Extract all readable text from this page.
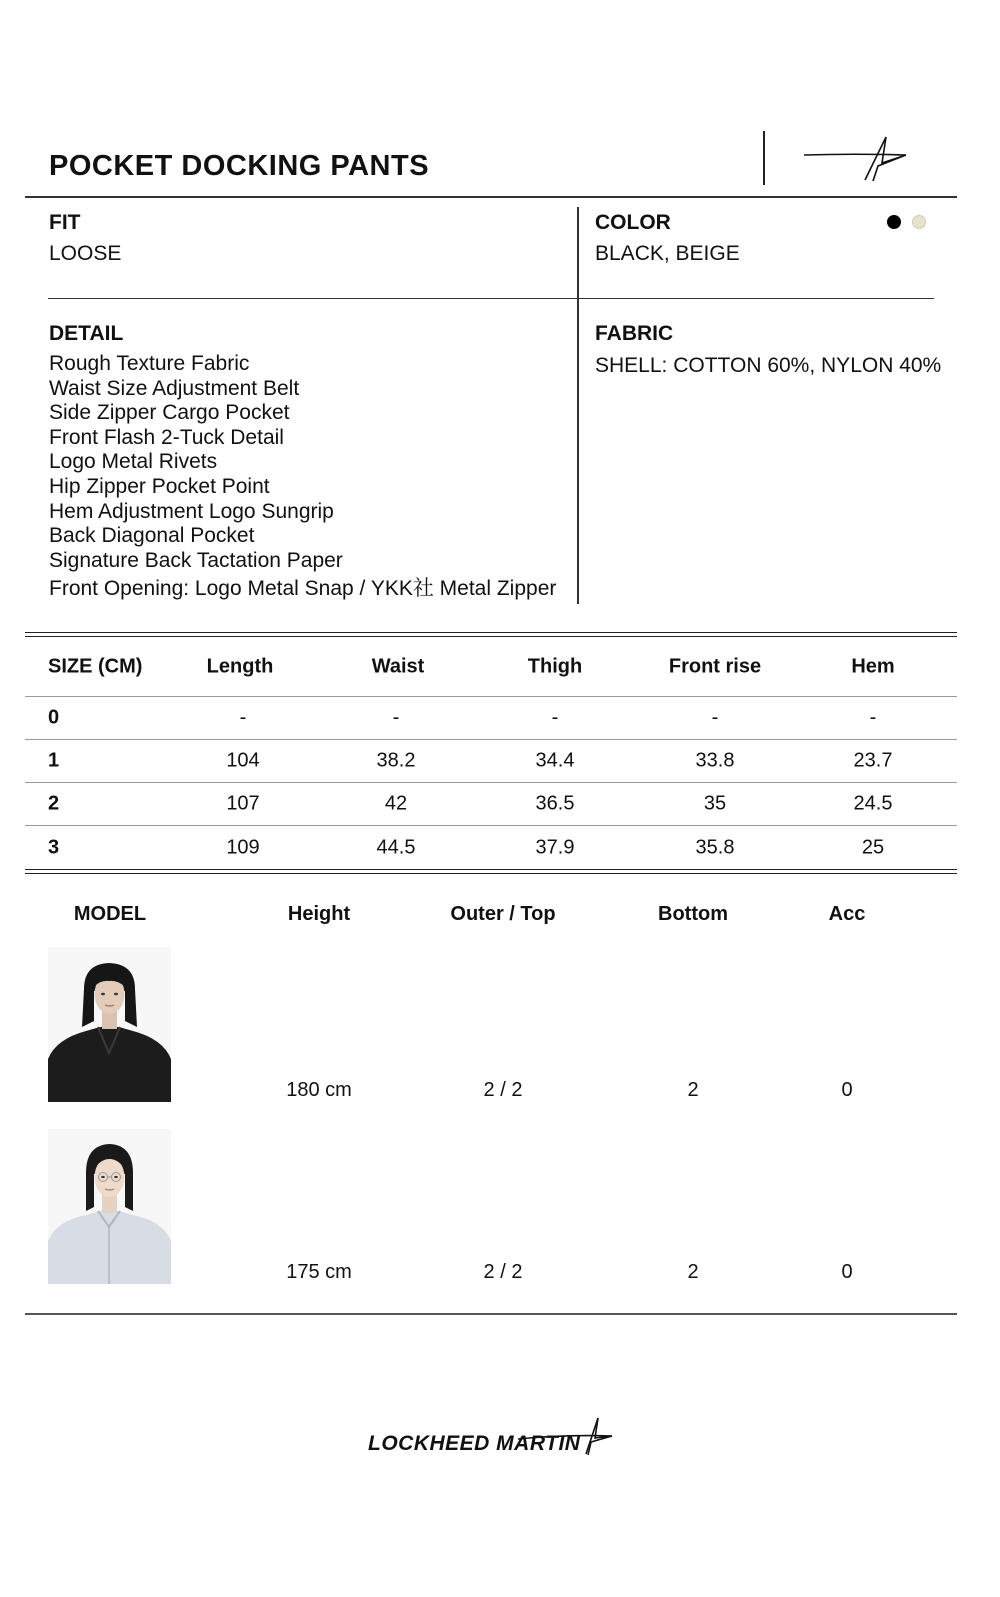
POCKET DOCKING PANTS
FIT
LOOSE
COLOR
BLACK, BEIGE
DETAIL
Rough Texture Fabric
Waist Size Adjustment Belt
Side Zipper Cargo Pocket
Front Flash 2-Tuck Detail
Logo Metal Rivets
Hip Zipper Pocket Point
Hem Adjustment Logo Sungrip
Back Diagonal Pocket
Signature Back Tactation Paper
Front Opening: Logo Metal Snap / YKK社 Metal Zipper
FABRIC
SHELL: COTTON 60%, NYLON 40%
SIZE (CM)	Length	Waist	Thigh	Front rise	Hem
0	-	-	-	-	-
1	104	38.2	34.4	33.8	23.7
2	107	42	36.5	35	24.5
3	109	44.5	37.9	35.8	25
MODEL	Height	Outer / Top	Bottom	Acc
180 cm	2 / 2	2	0
175 cm	2 / 2	2	0
LOCKHEED MARTIN
